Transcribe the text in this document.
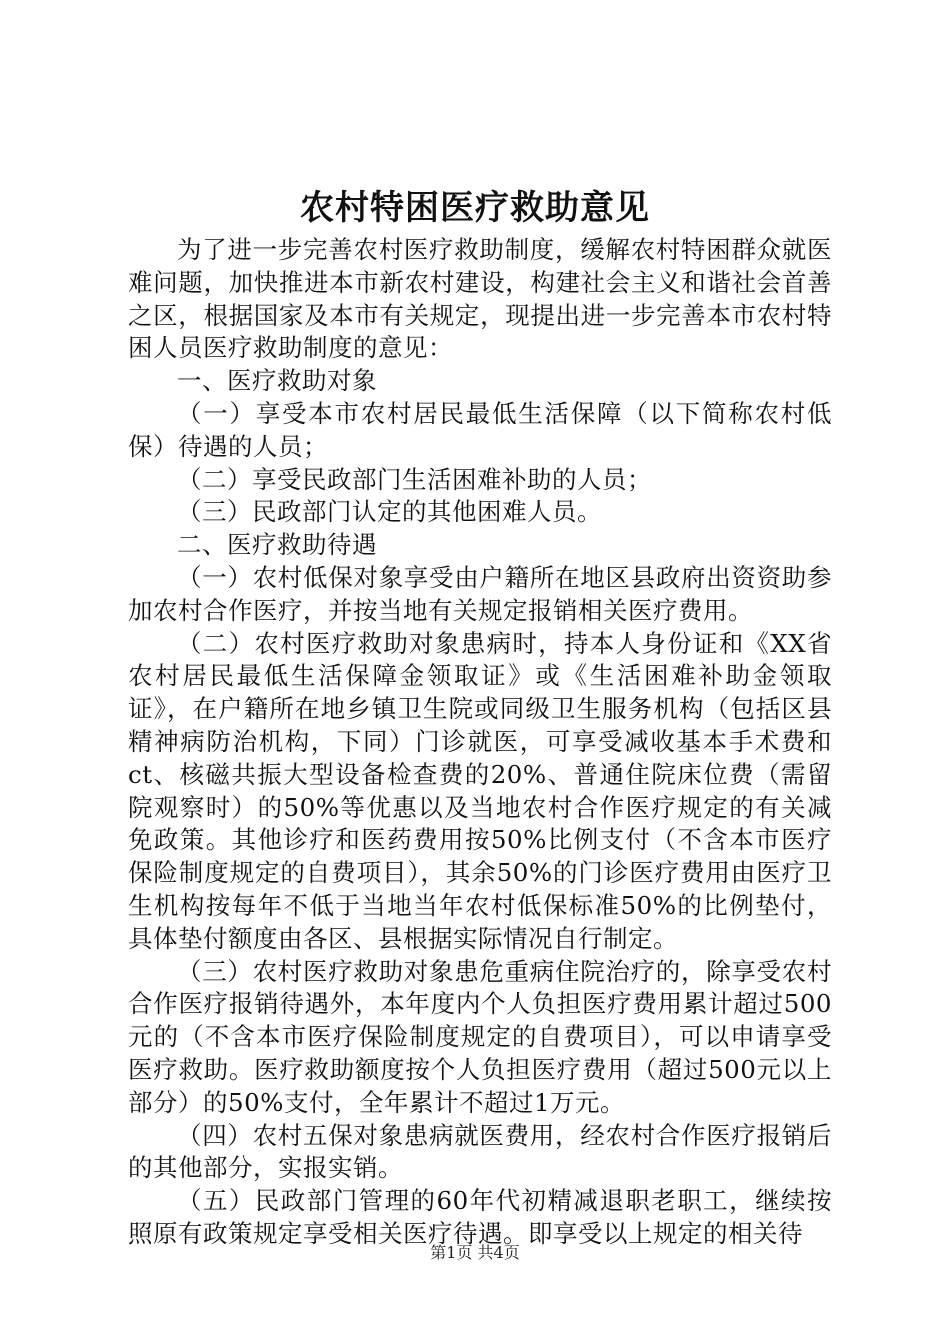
农村特困医疗救助意见

为了进一步完善农村医疗救助制度，缓解农村特困群众就医难问题，加快推进本市新农村建设，构建社会主义和谐社会首善之区，根据国家及本市有关规定，现提出进一步完善本市农村特困人员医疗救助制度的意见：

一、医疗救助对象

（一）享受本市农村居民最低生活保障（以下简称农村低保）待遇的人员；

（二）享受民政部门生活困难补助的人员；

（三）民政部门认定的其他困难人员。

二、医疗救助待遇

（一）农村低保对象享受由户籍所在地区县政府出资资助参加农村合作医疗，并按当地有关规定报销相关医疗费用。

（二）农村医疗救助对象患病时，持本人身份证和《XX省农村居民最低生活保障金领取证》或《生活困难补助金领取证》，在户籍所在地乡镇卫生院或同级卫生服务机构（包括区县精神病防治机构，下同）门诊就医，可享受减收基本手术费和ct、核磁共振大型设备检查费的20%、普通住院床位费（需留院观察时）的50%等优惠以及当地农村合作医疗规定的有关减免政策。其他诊疗和医药费用按50%比例支付（不含本市医疗保险制度规定的自费项目），其余50%的门诊医疗费用由医疗卫生机构按每年不低于当地当年农村低保标准50%的比例垫付，具体垫付额度由各区、县根据实际情况自行制定。

（三）农村医疗救助对象患危重病住院治疗的，除享受农村合作医疗报销待遇外，本年度内个人负担医疗费用累计超过500元的（不含本市医疗保险制度规定的自费项目），可以申请享受医疗救助。医疗救助额度按个人负担医疗费用（超过500元以上部分）的50%支付，全年累计不超过1万元。

（四）农村五保对象患病就医费用，经农村合作医疗报销后的其他部分，实报实销。

（五）民政部门管理的60年代初精减退职老职工，继续按照原有政策规定享受相关医疗待遇。即享受以上规定的相关待

第1页 共4页
